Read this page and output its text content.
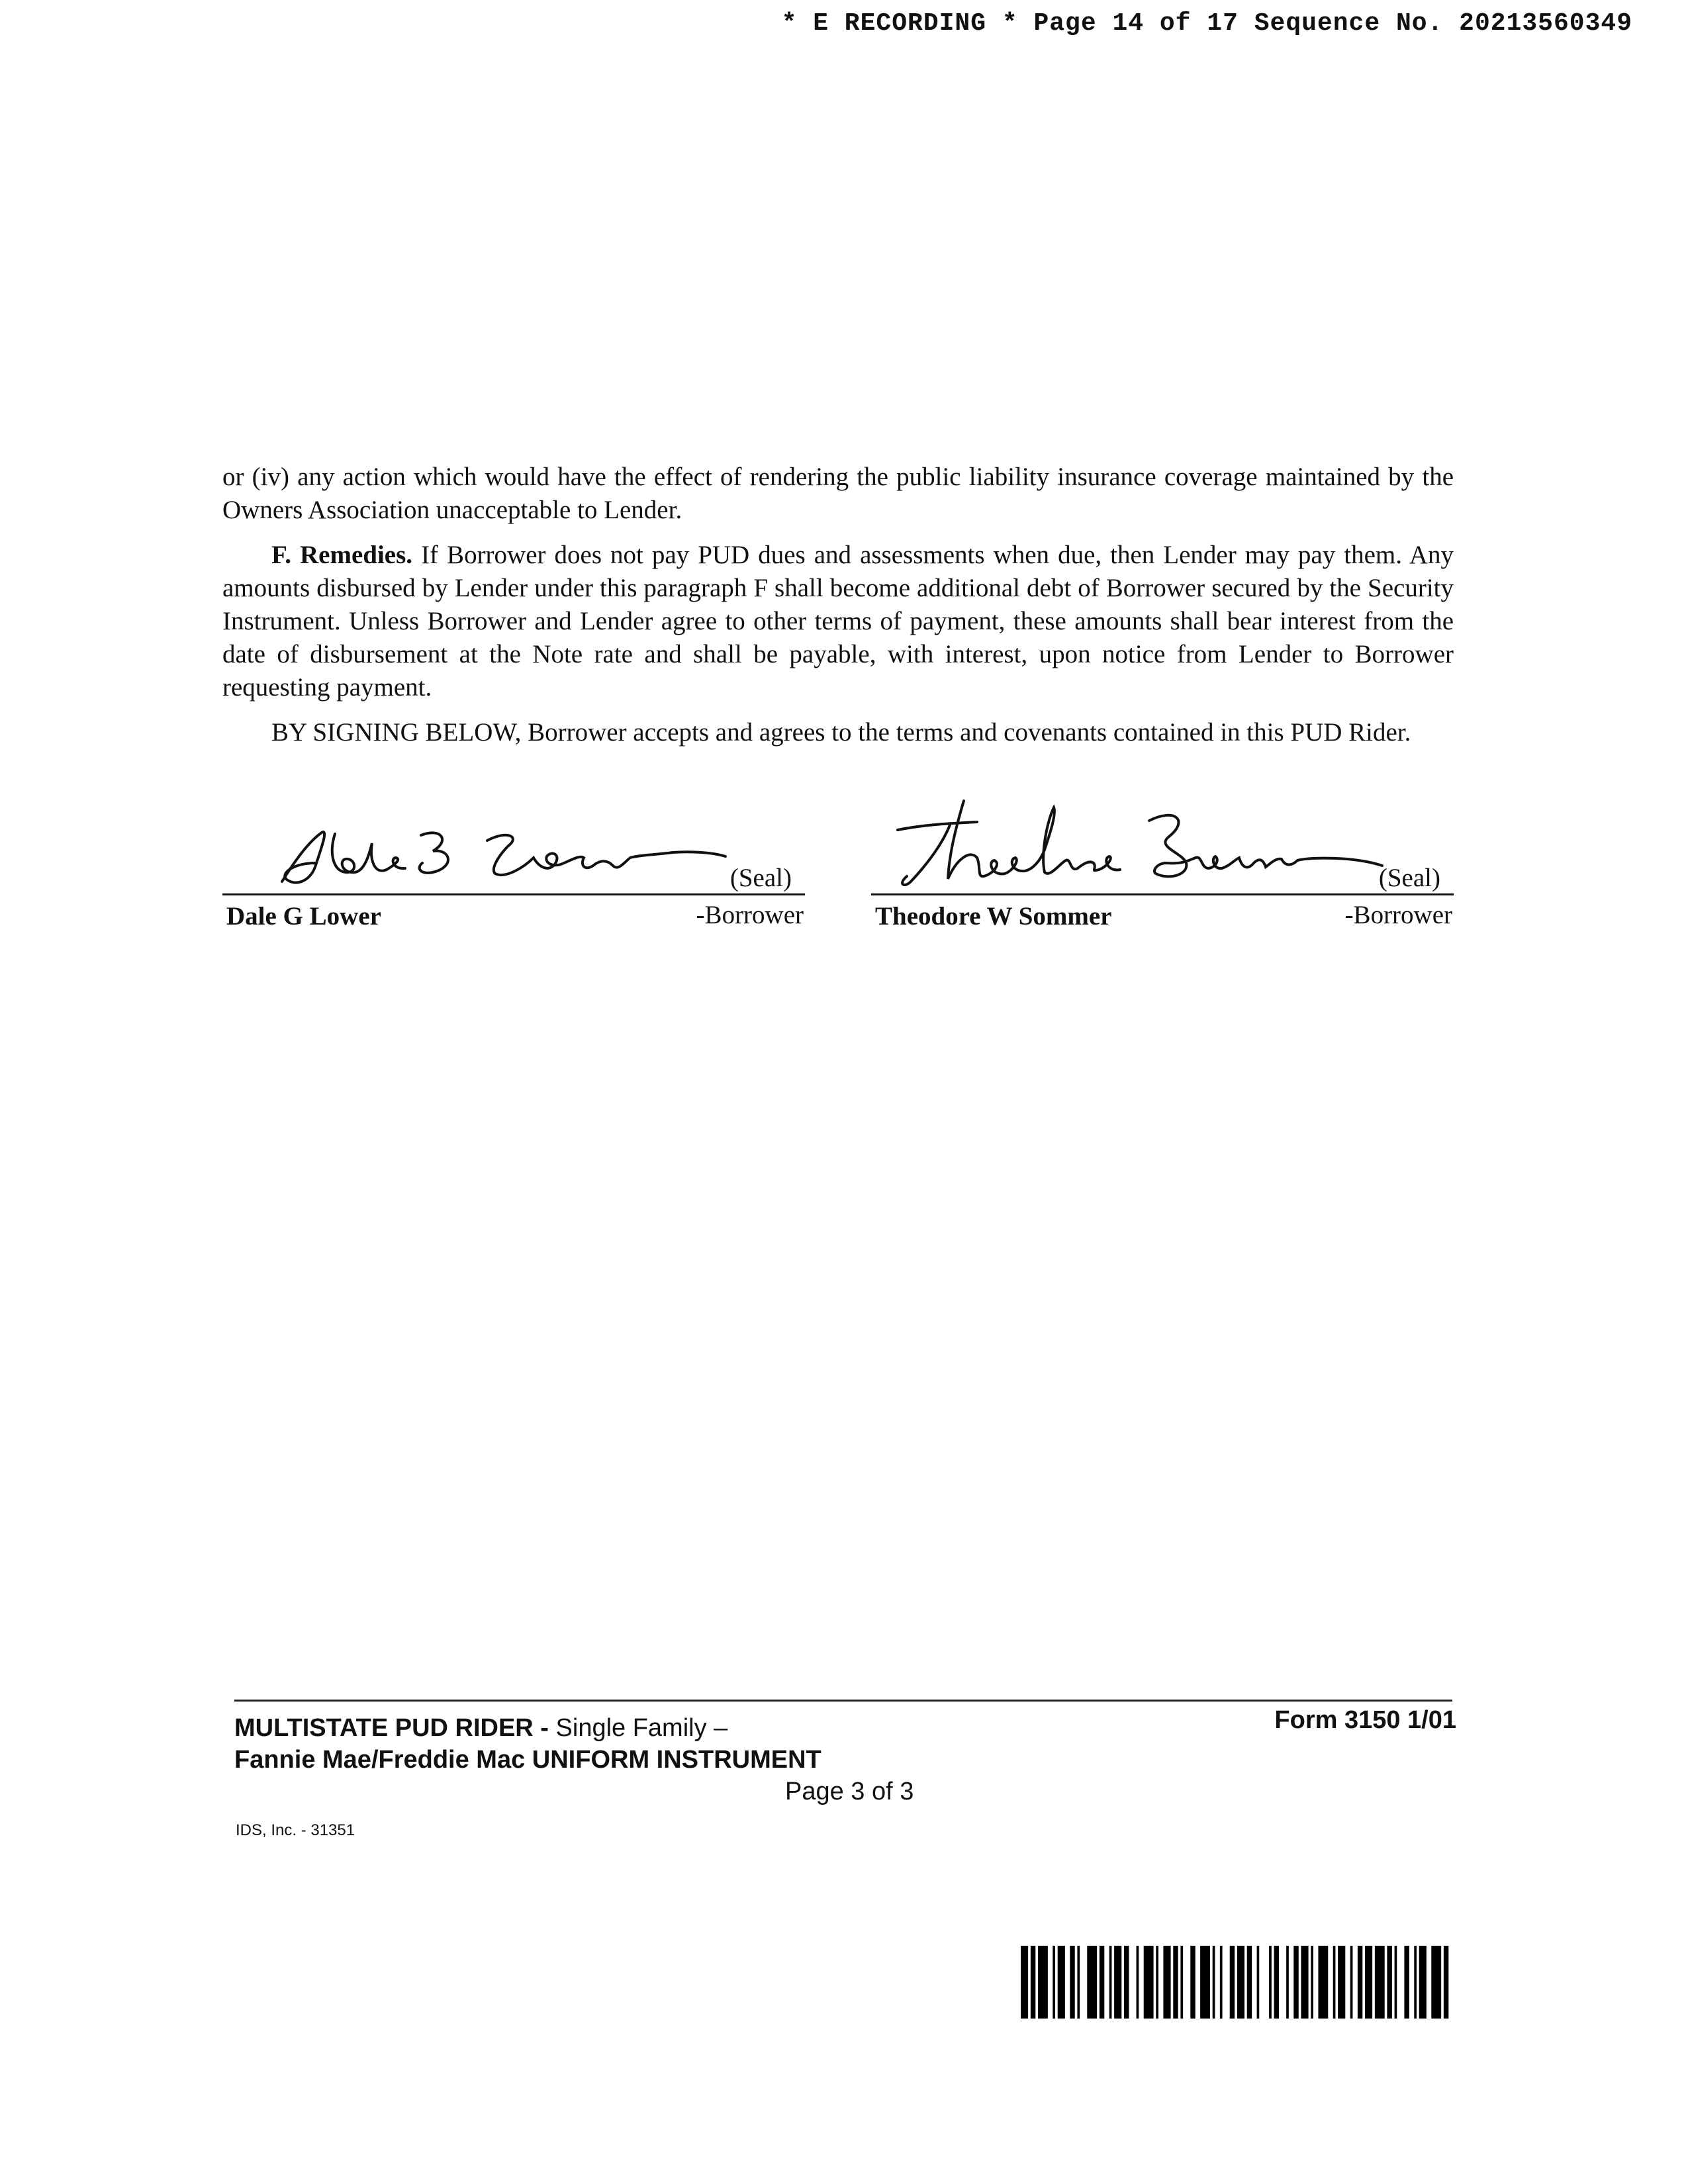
* E RECORDING * Page 14 of 17 Sequence No. 20213560349

or (iv) any action which would have the effect of rendering the public liability insurance coverage maintained by the Owners Association unacceptable to Lender.

F. Remedies. If Borrower does not pay PUD dues and assessments when due, then Lender may pay them. Any amounts disbursed by Lender under this paragraph F shall become additional debt of Borrower secured by the Security Instrument. Unless Borrower and Lender agree to other terms of payment, these amounts shall bear interest from the date of disbursement at the Note rate and shall be payable, with interest, upon notice from Lender to Borrower requesting payment.

BY SIGNING BELOW, Borrower accepts and agrees to the terms and covenants contained in this PUD Rider.

(Seal)
Dale G Lower	-Borrower
(Seal)
Theodore W Sommer	-Borrower
MULTISTATE PUD RIDER - Single Family –
Fannie Mae/Freddie Mac UNIFORM INSTRUMENT
Form 3150 1/01
Page 3 of 3
IDS, Inc. - 31351
